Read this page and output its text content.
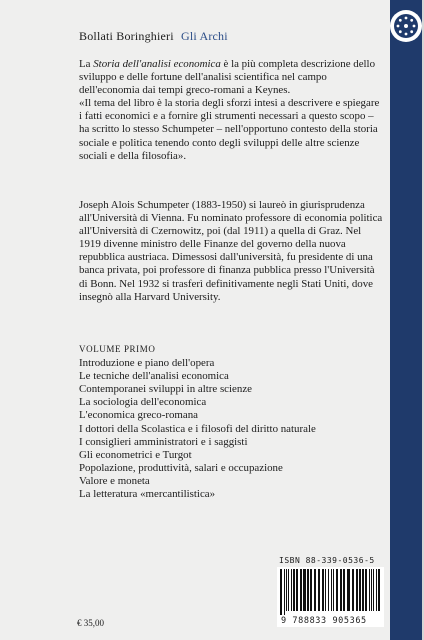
Bollati Boringhieri Gli Archi

La Storia dell'analisi economica è la più completa descrizione dello sviluppo e delle fortune dell'analisi scientifica nel campo dell'economia dai tempi greco-romani a Keynes.

«Il tema del libro è la storia degli sforzi intesi a descrivere e spiegare i fatti economici e a fornire gli strumenti necessari a questo scopo – ha scritto lo stesso Schumpeter – nell'opportuno contesto della storia sociale e politica tenendo conto degli sviluppi delle altre scienze sociali e della filosofia».

Joseph Alois Schumpeter (1883-1950) si laureò in giurisprudenza all'Università di Vienna. Fu nominato professore di economia politica all'Università di Czernowitz, poi (dal 1911) a quella di Graz. Nel 1919 divenne ministro delle Finanze del governo della nuova repubblica austriaca. Dimessosi dall'università, fu presidente di una banca privata, poi professore di finanza pubblica presso l'Università di Bonn. Nel 1932 si trasferì definitivamente negli Stati Uniti, dove insegnò alla Harvard University.

VOLUME PRIMO
Introduzione e piano dell'opera
Le tecniche dell'analisi economica
Contemporanei sviluppi in altre scienze
La sociologia dell'economica
L'economica greco-romana
I dottori della Scolastica e i filosofi del diritto naturale
I consiglieri amministratori e i saggisti
Gli econometrici e Turgot
Popolazione, produttività, salari e occupazione
Valore e moneta
La letteratura «mercantilistica»
ISBN 88-339-0536-5
9 788833 905365
€ 35,00
